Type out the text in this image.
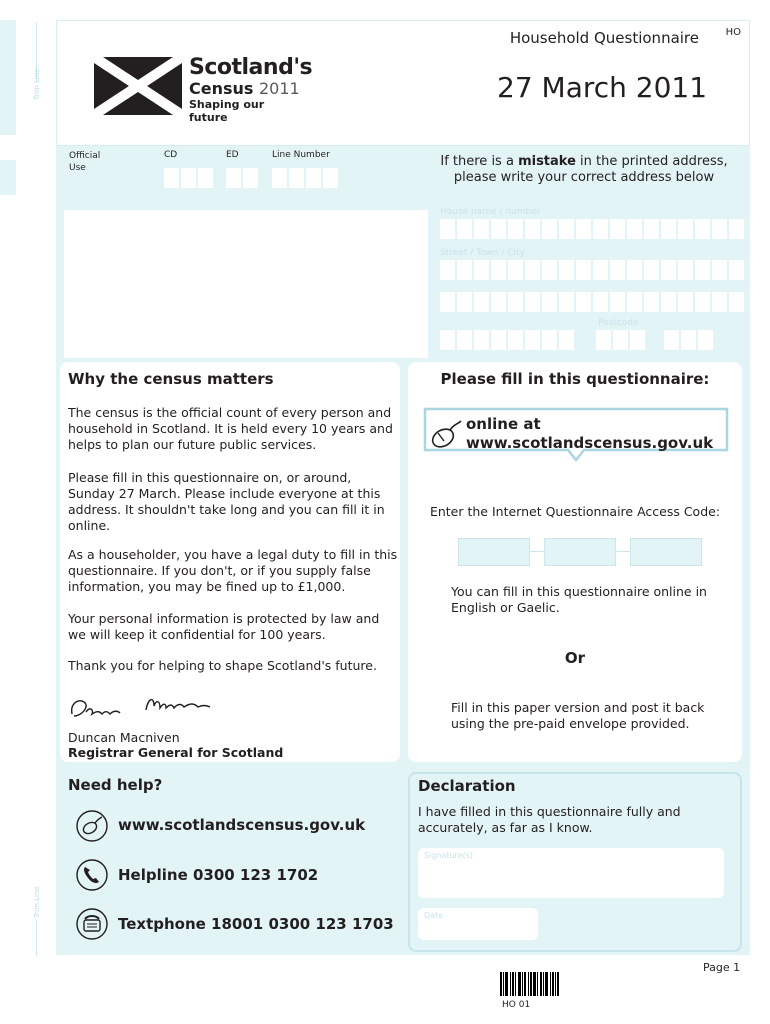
Trim Line
Trim Line
Household Questionnaire	HO
27 March 2011
Scotland's
Census 2011
Shaping our future
Official
Use
CD	ED	Line Number	If there is a mistake in the printed address, please write your correct address below
House name / number
Street / Town / City
Postcode
Why the census matters
The census is the official count of every person and household in Scotland. It is held every 10 years and helps to plan our future public services.
Please fill in this questionnaire on, or around, Sunday 27 March. Please include everyone at this address. It shouldn't take long and you can fill it in online.
As a householder, you have a legal duty to fill in this questionnaire. If you don't, or if you supply false information, you may be fined up to £1,000.
Your personal information is protected by law and we will keep it confidential for 100 years.
Thank you for helping to shape Scotland's future.
Duncan Macniven
Registrar General for Scotland
Please fill in this questionnaire:
online at
www.scotlandscensus.gov.uk
Enter the Internet Questionnaire Access Code:
You can fill in this questionnaire online in English or Gaelic.
Or
Fill in this paper version and post it back using the pre-paid envelope provided.
Need help?
www.scotlandscensus.gov.uk
Helpline 0300 123 1702
Textphone 18001 0300 123 1703
Declaration
I have filled in this questionnaire fully and accurately, as far as I know.
Signature(s)
Date
Page 1
HO 01
